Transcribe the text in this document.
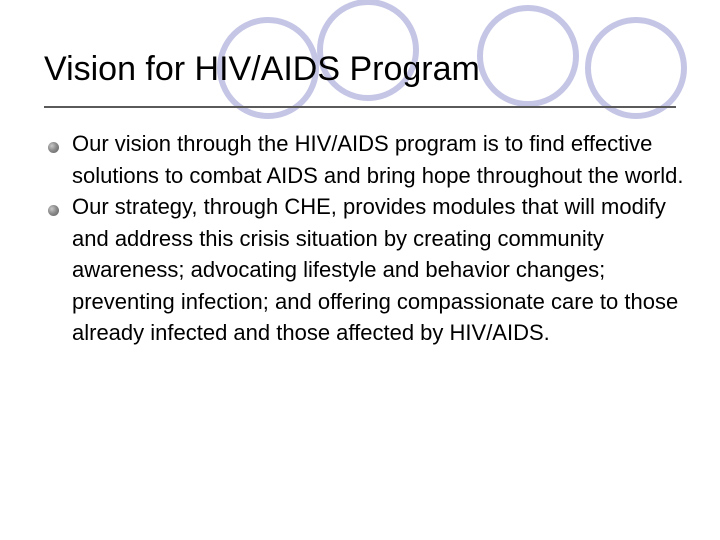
Vision for HIV/AIDS Program
Our vision through the HIV/AIDS program is to find effective solutions to combat AIDS and bring hope throughout the world.
Our strategy, through CHE, provides modules that will modify and address this crisis situation by creating community awareness; advocating lifestyle and behavior changes; preventing infection; and offering compassionate care to those already infected and those affected by HIV/AIDS.
